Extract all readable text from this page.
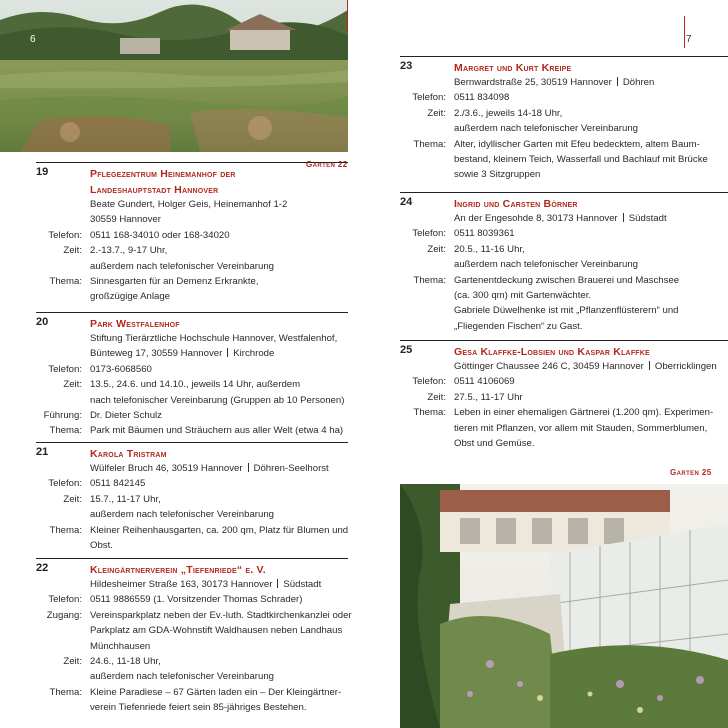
6
Garten 22
19	Pflegezentrum Heinemanhof der
Landeshauptstadt Hannover
Beate Gundert, Holger Geis, Heinemanhof 1-2
30559 Hannover
Telefon: 0511 168-34010 oder 168-34020
Zeit: 2.-13.7., 9-17 Uhr,
außerdem nach telefonischer Vereinbarung
Thema: Sinnesgarten für an Demenz Erkrankte,
großzügige Anlage
20	Park Westfalenhof
Stiftung Tierärztliche Hochschule Hannover, Westfalenhof,
Bünteweg 17, 30559 Hannover Kirchrode
Telefon: 0173-6068560
Zeit: 13.5., 24.6. und 14.10., jeweils 14 Uhr, außerdem
nach telefonischer Vereinbarung (Gruppen ab 10 Personen)
Führung: Dr. Dieter Schulz
Thema: Park mit Bäumen und Sträuchern aus aller Welt (etwa 4 ha)
21	Karola Tristram
Wülfeler Bruch 46, 30519 Hannover Döhren-Seelhorst
Telefon: 0511 842145
Zeit: 15.7., 11-17 Uhr,
außerdem nach telefonischer Vereinbarung
Thema: Kleiner Reihenhausgarten, ca. 200 qm, Platz für Blumen und
Obst.
22	Kleingärtnerverein „Tiefenriede“ e. V.
Hildesheimer Straße 163, 30173 Hannover Südstadt
Telefon: 0511 9886559 (1. Vorsitzender Thomas Schrader)
Zugang: Vereinsparkplatz neben der Ev.-luth. Stadtkirchenkanzlei oder
Parkplatz am GDA-Wohnstift Waldhausen neben Landhaus
Münchhausen
Zeit: 24.6., 11-18 Uhr,
außerdem nach telefonischer Vereinbarung
Thema: Kleine Paradiese – 67 Gärten laden ein – Der Kleingärtner-
verein Tiefenriede feiert sein 85-jähriges Bestehen.
7
Garten 25
23	Margret und Kurt Kreipe
Bernwardstraße 25, 30519 Hannover Döhren
Telefon: 0511 834098
Zeit: 2./3.6., jeweils 14-18 Uhr,
außerdem nach telefonischer Vereinbarung
Thema: Alter, idyllischer Garten mit Efeu bedecktem, altem Baum-
bestand, kleinem Teich, Wasserfall und Bachlauf mit Brücke
sowie 3 Sitzgruppen
24	Ingrid und Carsten Börner
An der Engesohde 8, 30173 Hannover Südstadt
Telefon: 0511 8039361
Zeit: 20.5., 11-16 Uhr,
außerdem nach telefonischer Vereinbarung
Thema: Gartenentdeckung zwischen Brauerei und Maschsee
(ca. 300 qm) mit Gartenwächter.
Gabriele Düwelhenke ist mit „Pflanzenflüsterern“ und
„Fliegenden Fischen“ zu Gast.
25	Gesa Klaffke-Lobsien und Kaspar Klaffke
Göttinger Chaussee 246 C, 30459 Hannover Oberricklingen
Telefon: 0511 4106069
Zeit: 27.5., 11-17 Uhr
Thema: Leben in einer ehemaligen Gärtnerei (1.200 qm). Experimen-
tieren mit Pflanzen, vor allem mit Stauden, Sommerblumen,
Obst und Gemüse.
